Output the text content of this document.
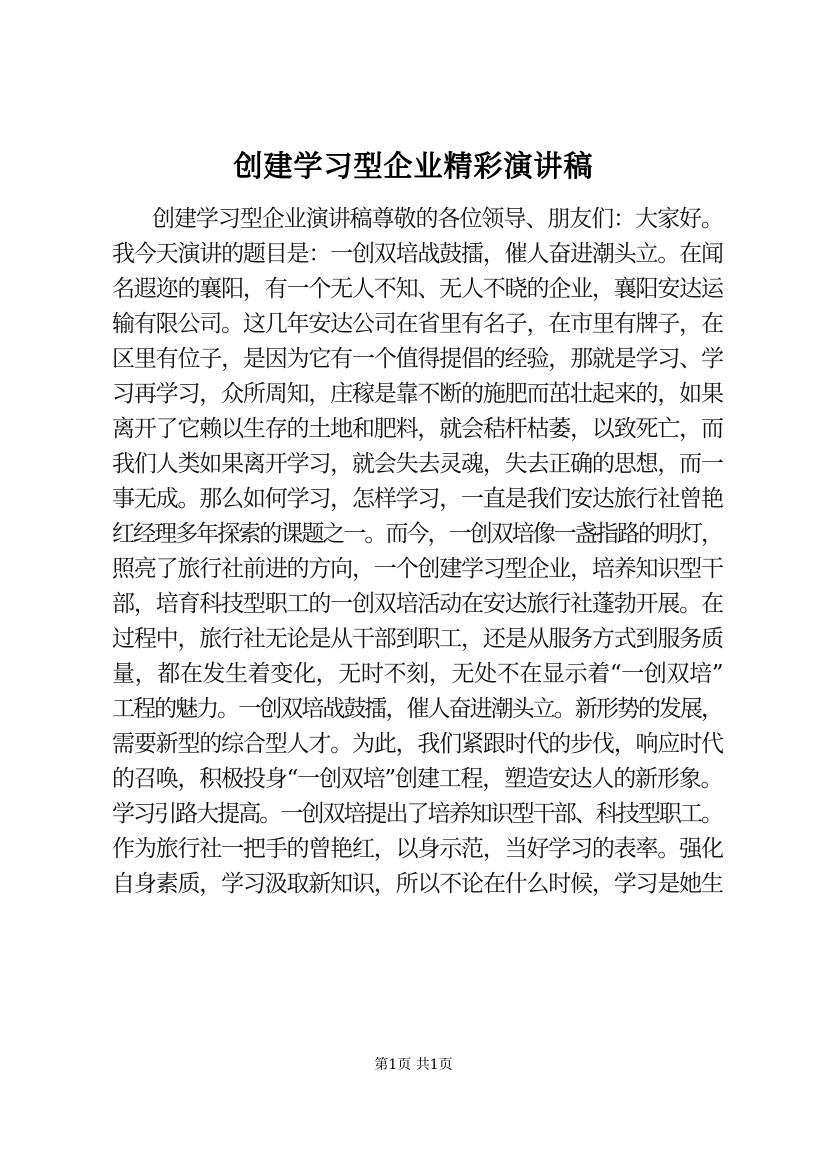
创建学习型企业精彩演讲稿
创建学习型企业演讲稿尊敬的各位领导、朋友们：大家好。
我今天演讲的题目是：一创双培战鼓擂，催人奋进潮头立。在闻
名遐迩的襄阳，有一个无人不知、无人不晓的企业，襄阳安达运
输有限公司。这几年安达公司在省里有名子，在市里有牌子，在
区里有位子，是因为它有一个值得提倡的经验，那就是学习、学
习再学习，众所周知，庄稼是靠不断的施肥而茁壮起来的，如果
离开了它赖以生存的土地和肥料，就会秸杆枯萎，以致死亡，而
我们人类如果离开学习，就会失去灵魂，失去正确的思想，而一
事无成。那么如何学习，怎样学习，一直是我们安达旅行社曾艳
红经理多年探索的课题之一。而今，一创双培像一盏指路的明灯，
照亮了旅行社前进的方向，一个创建学习型企业，培养知识型干
部，培育科技型职工的一创双培活动在安达旅行社蓬勃开展。在
过程中，旅行社无论是从干部到职工，还是从服务方式到服务质
量，都在发生着变化，无时不刻，无处不在显示着“一创双培”
工程的魅力。一创双培战鼓擂，催人奋进潮头立。新形势的发展，
需要新型的综合型人才。为此，我们紧跟时代的步伐，响应时代
的召唤，积极投身“一创双培”创建工程，塑造安达人的新形象。
学习引路大提高。一创双培提出了培养知识型干部、科技型职工。
作为旅行社一把手的曾艳红，以身示范，当好学习的表率。强化
自身素质，学习汲取新知识，所以不论在什么时候，学习是她生
第1页 共1页
